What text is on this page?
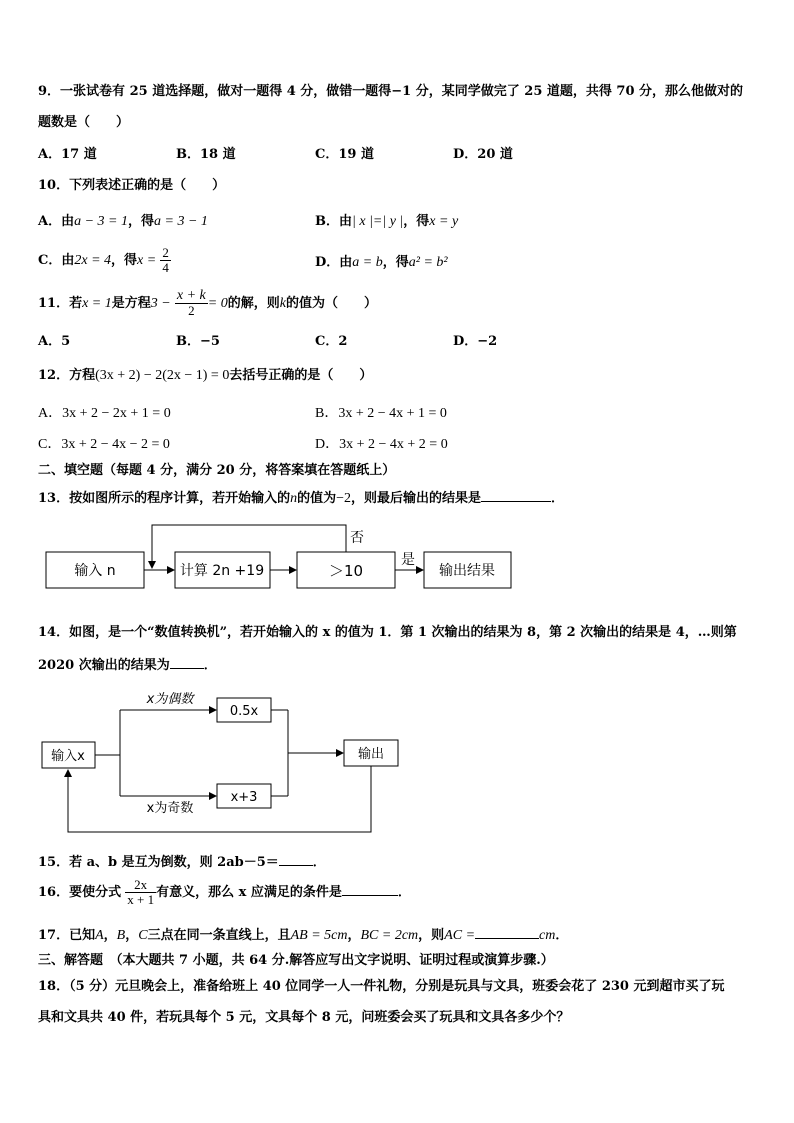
9．一张试卷有 25 道选择题，做对一题得 4 分，做错一题得−1 分，某同学做完了 25 道题，共得 70 分，那么他做对的
题数是（　　）
A．17 道	B．18 道	C．19 道	D．20 道
10．下列表述正确的是（　　）
A．由a − 3 = 1，得a = 3 − 1	B．由| x |=| y |，得x = y
C．由2x = 4，得$x = \frac{2}{4}$	D．由a = b，得a² = b²
11．若x = 1是方程$3 - \frac{x + k}{2} = 0$的解，则k的值为（　　）
A．5	B．−5	C．2	D．−2
12．方程(3x + 2) − 2(2x − 1) = 0去括号正确的是（　　）
A．3x + 2 − 2x + 1 = 0	B．3x + 2 − 4x + 1 = 0
C．3x + 2 − 4x − 2 = 0	D．3x + 2 − 4x + 2 = 0
二、填空题（每题 4 分，满分 20 分，将答案填在答题纸上）
13．按如图所示的程序计算，若开始输入的n的值为−2，则最后输出的结果是	．
输入 n	计算 2n +19	＞10
是
输出结果
否
14．如图，是一个“数值转换机”，若开始输入的 x 的值为 1．第 1 次输出的结果为 8，第 2 次输出的结果是 4，…则第
2020 次输出的结果为	．
输入x
x为偶数
x为奇数
0.5x
x+3
输出
15．若 a、b 是互为倒数，则 2ab－5＝	．
16．要使分式 $\frac{2x}{x + 1}$ 有意义，那么 x 应满足的条件是	．
17．已知A，B，C三点在同一条直线上，且AB = 5cm，BC = 2cm，则AC =	cm．
三、解答题　（本大题共 7 小题，共 64 分.解答应写出文字说明、证明过程或演算步骤.）
18．（5 分）元旦晚会上，准备给班上 40 位同学一人一件礼物，分别是玩具与文具，班委会花了 230 元到超市买了玩
具和文具共 40 件，若玩具每个 5 元，文具每个 8 元，问班委会买了玩具和文具各多少个？
